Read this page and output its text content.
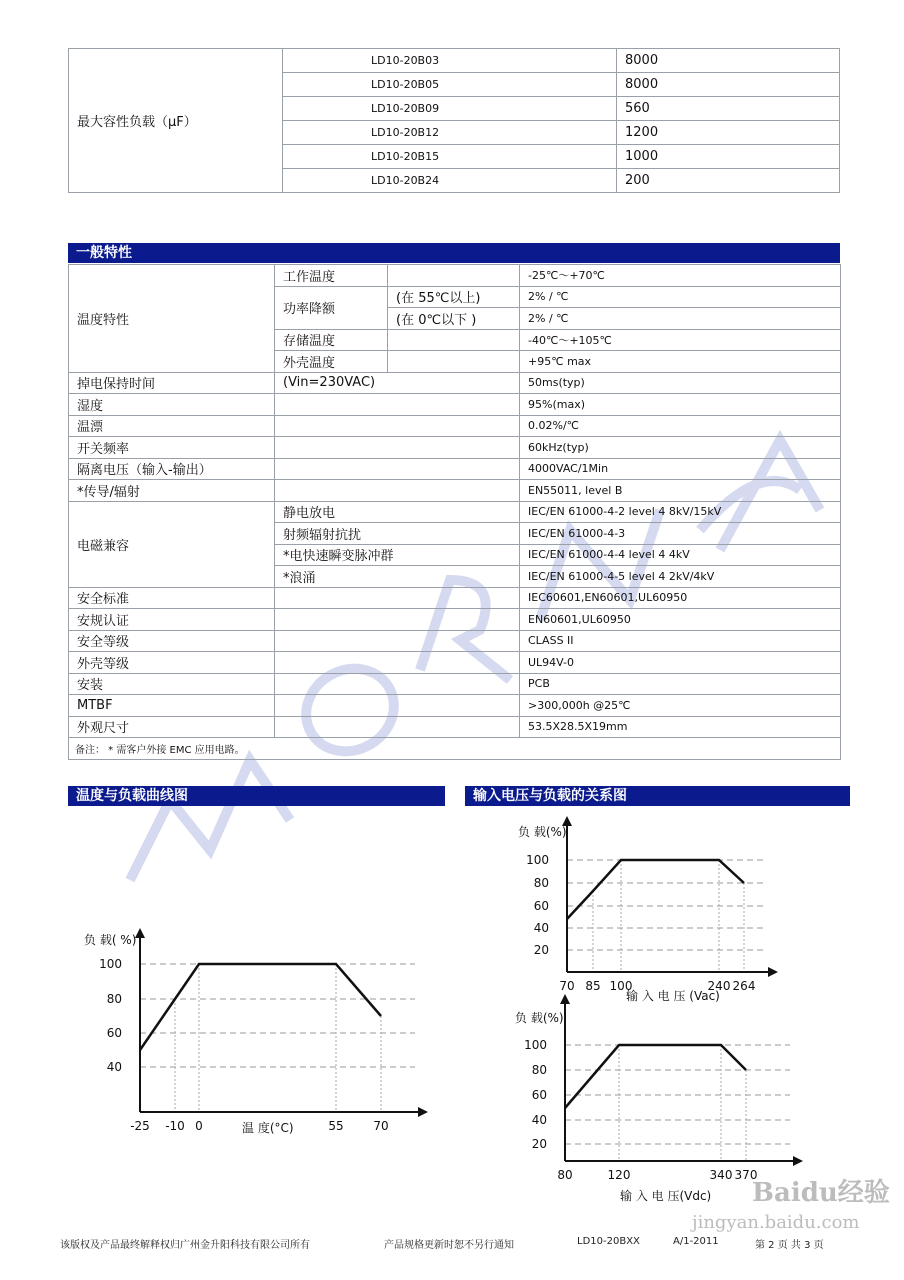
最大容性负载（μF）	LD10-20B03	8000
	LD10-20B05	8000
	LD10-20B09	560
	LD10-20B12	1200
	LD10-20B15	1000
	LD10-20B24	200
一般特性
温度特性	工作温度		-25℃～+70℃
	功率降额	(在 55℃以上)	2% / ℃
		(在 0℃以下 )	2% / ℃
	存储温度		-40℃～+105℃
	外壳温度		+95℃ max
掉电保持时间	(Vin=230VAC)		50ms(typ)
湿度			95%(max)
温漂			0.02%/℃
开关频率			60kHz(typ)
隔离电压（输入-输出）			4000VAC/1Min
*传导/辐射			EN55011, level B
电磁兼容	静电放电		IEC/EN 61000-4-2 level 4 8kV/15kV
	射频辐射抗扰		IEC/EN 61000-4-3
	*电快速瞬变脉冲群		IEC/EN 61000-4-4 level 4 4kV
	*浪涌		IEC/EN 61000-4-5 level 4 2kV/4kV
安全标准			IEC60601,EN60601,UL60950
安规认证			EN60601,UL60950
安全等级			CLASS II
外壳等级			UL94V-0
安装			PCB
MTBF			>300,000h @25℃
外观尺寸			53.5X28.5X19mm
备注： * 需客户外接 EMC 应用电路。			
温度与负载曲线图	输入电压与负载的关系图
40
60
80
100
-25 -10 0	55 70
负 载( %)
温 度(°C)
20
40
60
80
100
70 85 100	240 264
负 载(%)
输 入 电 压 (Vac)
20
40
60
80
100
80	120	340 370
负 载(%)
输 入 电 压(Vdc)
该版权及产品最终解释权归广州金升阳科技有限公司所有	产品规格更新时恕不另行通知	LD10-20BXX	A/1-2011	第 2 页 共 3 页
Baidu经验
jingyan.baidu.com
